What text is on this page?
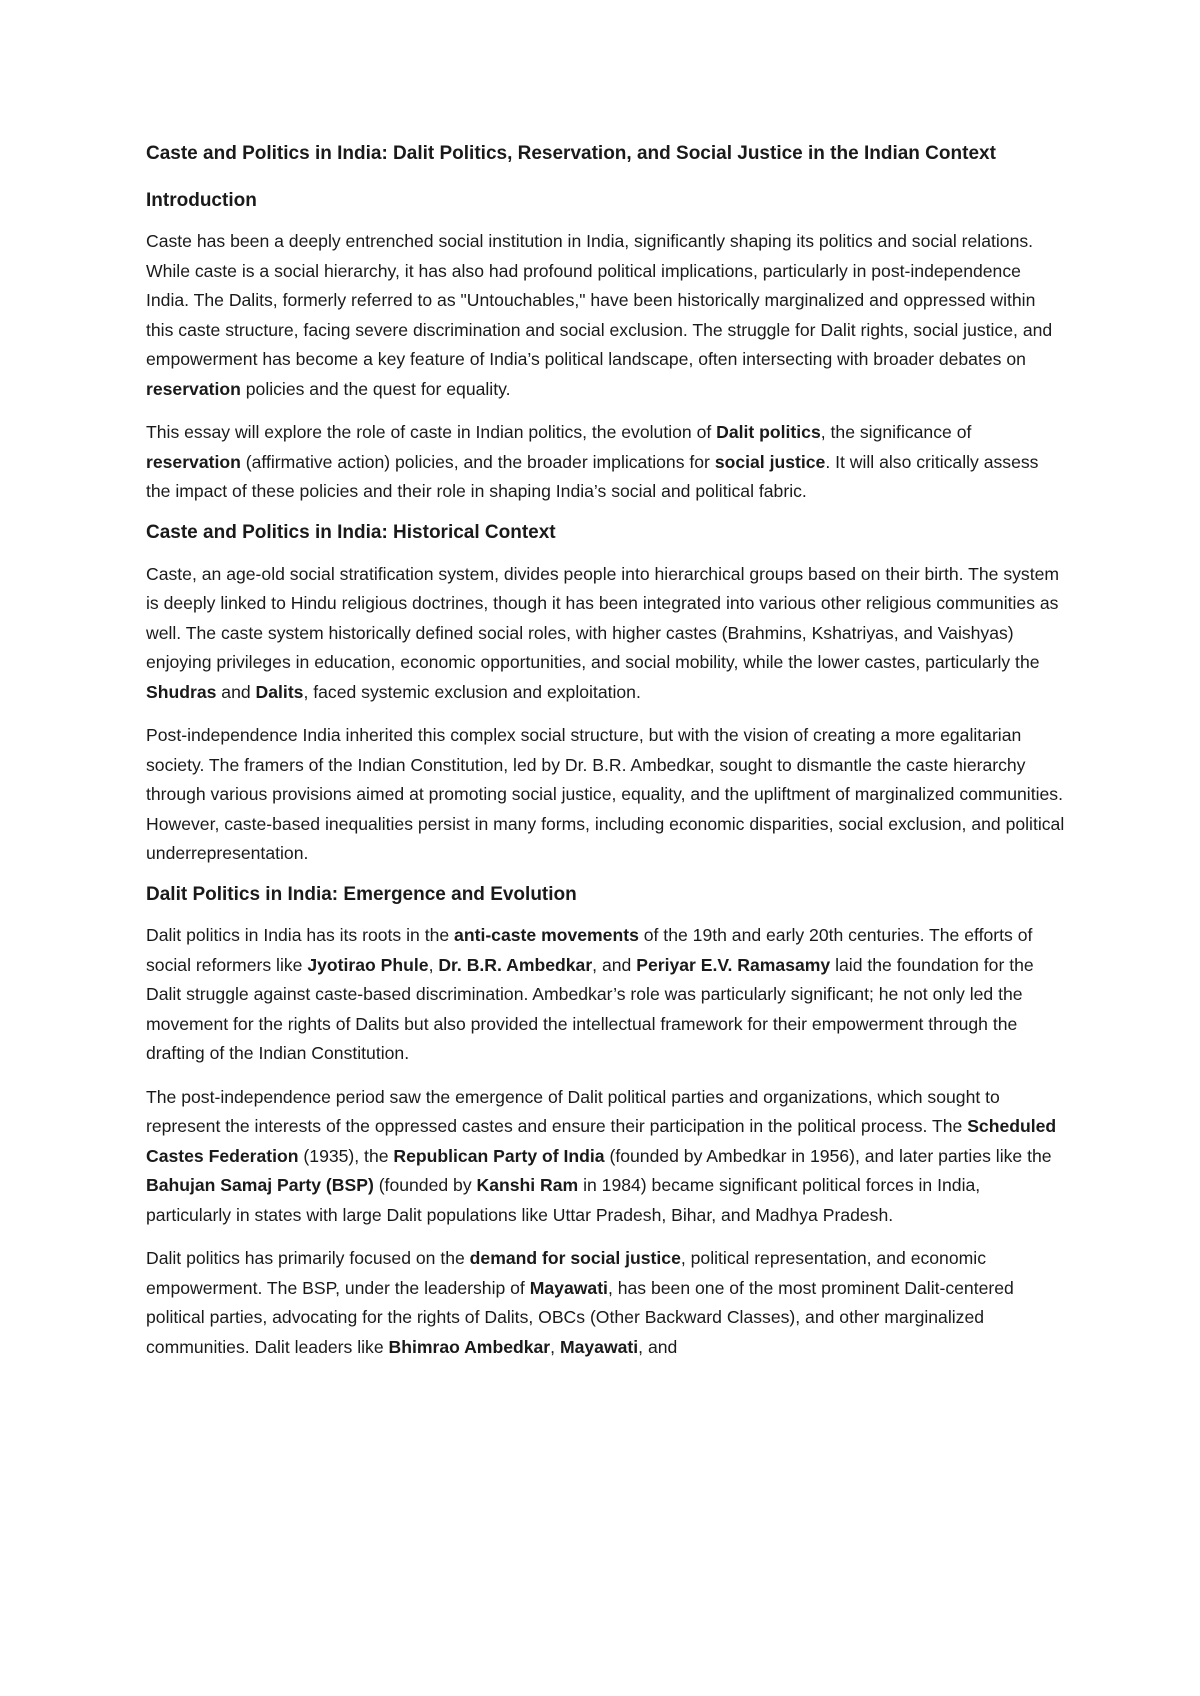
Caste and Politics in India: Dalit Politics, Reservation, and Social Justice in the Indian Context
Introduction

Caste has been a deeply entrenched social institution in India, significantly shaping its politics and social relations. While caste is a social hierarchy, it has also had profound political implications, particularly in post-independence India. The Dalits, formerly referred to as "Untouchables," have been historically marginalized and oppressed within this caste structure, facing severe discrimination and social exclusion. The struggle for Dalit rights, social justice, and empowerment has become a key feature of India’s political landscape, often intersecting with broader debates on reservation policies and the quest for equality.

This essay will explore the role of caste in Indian politics, the evolution of Dalit politics, the significance of reservation (affirmative action) policies, and the broader implications for social justice. It will also critically assess the impact of these policies and their role in shaping India’s social and political fabric.

Caste and Politics in India: Historical Context

Caste, an age-old social stratification system, divides people into hierarchical groups based on their birth. The system is deeply linked to Hindu religious doctrines, though it has been integrated into various other religious communities as well. The caste system historically defined social roles, with higher castes (Brahmins, Kshatriyas, and Vaishyas) enjoying privileges in education, economic opportunities, and social mobility, while the lower castes, particularly the Shudras and Dalits, faced systemic exclusion and exploitation.

Post-independence India inherited this complex social structure, but with the vision of creating a more egalitarian society. The framers of the Indian Constitution, led by Dr. B.R. Ambedkar, sought to dismantle the caste hierarchy through various provisions aimed at promoting social justice, equality, and the upliftment of marginalized communities. However, caste-based inequalities persist in many forms, including economic disparities, social exclusion, and political underrepresentation.

Dalit Politics in India: Emergence and Evolution

Dalit politics in India has its roots in the anti-caste movements of the 19th and early 20th centuries. The efforts of social reformers like Jyotirao Phule, Dr. B.R. Ambedkar, and Periyar E.V. Ramasamy laid the foundation for the Dalit struggle against caste-based discrimination. Ambedkar’s role was particularly significant; he not only led the movement for the rights of Dalits but also provided the intellectual framework for their empowerment through the drafting of the Indian Constitution.

The post-independence period saw the emergence of Dalit political parties and organizations, which sought to represent the interests of the oppressed castes and ensure their participation in the political process. The Scheduled Castes Federation (1935), the Republican Party of India (founded by Ambedkar in 1956), and later parties like the Bahujan Samaj Party (BSP) (founded by Kanshi Ram in 1984) became significant political forces in India, particularly in states with large Dalit populations like Uttar Pradesh, Bihar, and Madhya Pradesh.

Dalit politics has primarily focused on the demand for social justice, political representation, and economic empowerment. The BSP, under the leadership of Mayawati, has been one of the most prominent Dalit-centered political parties, advocating for the rights of Dalits, OBCs (Other Backward Classes), and other marginalized communities. Dalit leaders like Bhimrao Ambedkar, Mayawati, and
